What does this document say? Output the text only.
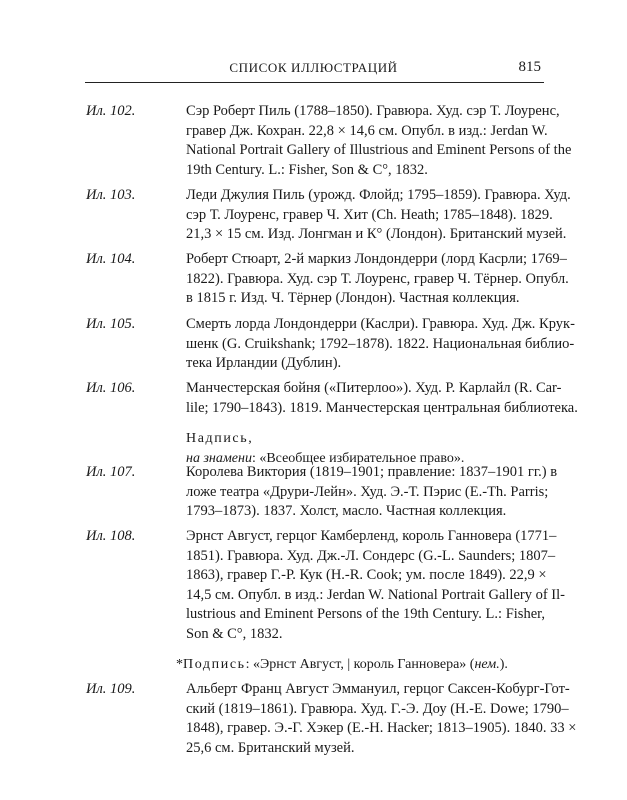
СПИСОК ИЛЛЮСТРАЦИЙ	815
Ил. 102.	Сэр Роберт Пиль (1788–1850). Гравюра. Худ. сэр Т. Лоуренс,
гравер Дж. Кохран. 22,8 × 14,6 см. Опубл. в изд.: Jerdan W.
National Portrait Gallery of Illustrious and Eminent Persons of the
19th Century. L.: Fisher, Son & C°, 1832.
Ил. 103.	Леди Джулия Пиль (урожд. Флойд; 1795–1859). Гравюра. Худ.
сэр Т. Лоуренс, гравер Ч. Хит (Ch. Heath; 1785–1848). 1829.
21,3 × 15 см. Изд. Лонгман и К° (Лондон). Британский музей.
Ил. 104.	Роберт Стюарт, 2-й маркиз Лондондерри (лорд Касрли; 1769–
1822). Гравюра. Худ. сэр Т. Лоуренс, гравер Ч. Тёрнер. Опубл.
в 1815 г. Изд. Ч. Тёрнер (Лондон). Частная коллекция.
Ил. 105.	Смерть лорда Лондондерри (Каслри). Гравюра. Худ. Дж. Крук-
шенк (G. Cruikshank; 1792–1878). 1822. Национальная библио-
тека Ирландии (Дублин).
Ил. 106.	Манчестерская бойня («Питерлоо»). Худ. Р. Карлайл (R. Car-
lile; 1790–1843). 1819. Манчестерская центральная библиотека.
Надпись,
на знамени: «Всеобщее избирательное право».
Ил. 107.	Королева Виктория (1819–1901; правление: 1837–1901 гг.) в
ложе театра «Друри-Лейн». Худ. Э.-Т. Пэрис (E.-Th. Parris;
1793–1873). 1837. Холст, масло. Частная коллекция.
Ил. 108.	Эрнст Август, герцог Камберленд, король Ганновера (1771–
1851). Гравюра. Худ. Дж.-Л. Сондерс (G.-L. Saunders; 1807–
1863), гравер Г.-Р. Кук (H.-R. Cook; ум. после 1849). 22,9 ×
14,5 см. Опубл. в изд.: Jerdan W. National Portrait Gallery of Il-
lustrious and Eminent Persons of the 19th Century. L.: Fisher,
Son & C°, 1832.
*Подпись: «Эрнст Август, | король Ганновера» (нем.).
Ил. 109.	Альберт Франц Август Эммануил, герцог Саксен-Кобург-Гот-
ский (1819–1861). Гравюра. Худ. Г.-Э. Доу (H.-E. Dowe; 1790–
1848), гравер. Э.-Г. Хэкер (E.-H. Hacker; 1813–1905). 1840. 33 ×
25,6 см. Британский музей.
